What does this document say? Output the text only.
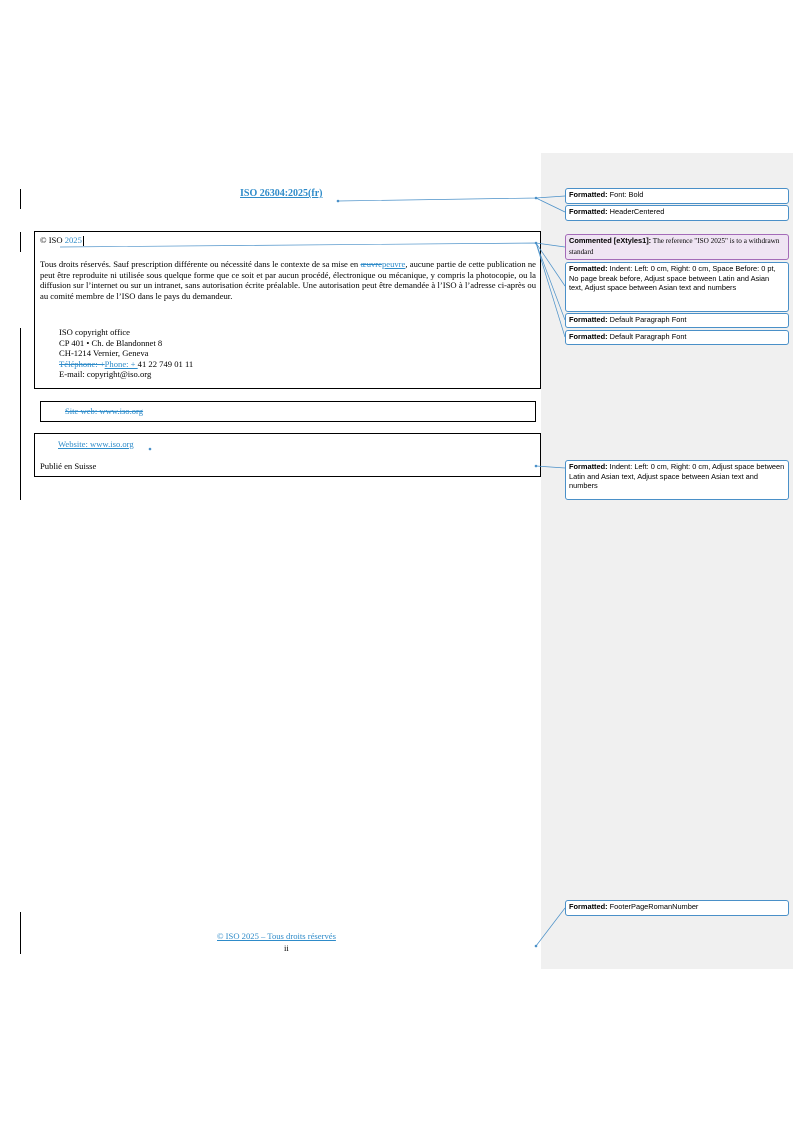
ISO 26304:2025(fr)
© ISO 2025
Tous droits réservés. Sauf prescription différente ou nécessité dans le contexte de sa mise en œuvrepeuvre, aucune partie de cette publication ne peut être reproduite ni utilisée sous quelque forme que ce soit et par aucun procédé, électronique ou mécanique, y compris la photocopie, ou la diffusion sur l’internet ou sur un intranet, sans autorisation écrite préalable. Une autorisation peut être demandée à l’ISO à l’adresse ci-après ou au comité membre de l’ISO dans le pays du demandeur.
ISO copyright office
CP 401 • Ch. de Blandonnet 8
CH-1214 Vernier, Geneva
Téléphone: +Phone: + 41 22 749 01 11
E-mail: copyright@iso.org
Site web: www.iso.org
Website: www.iso.org
Publié en Suisse
© ISO 2025 – Tous droits réservés
ii
Formatted: Font: Bold
Formatted: HeaderCentered
Commented [eXtyles1]: The reference "ISO 2025" is to a withdrawn standard
Formatted: Indent: Left: 0 cm, Right: 0 cm, Space Before: 0 pt, No page break before, Adjust space between Latin and Asian text, Adjust space between Asian text and numbers
Formatted: Default Paragraph Font
Formatted: Default Paragraph Font
Formatted: Indent: Left: 0 cm, Right: 0 cm, Adjust space between Latin and Asian text, Adjust space between Asian text and numbers
Formatted: FooterPageRomanNumber
